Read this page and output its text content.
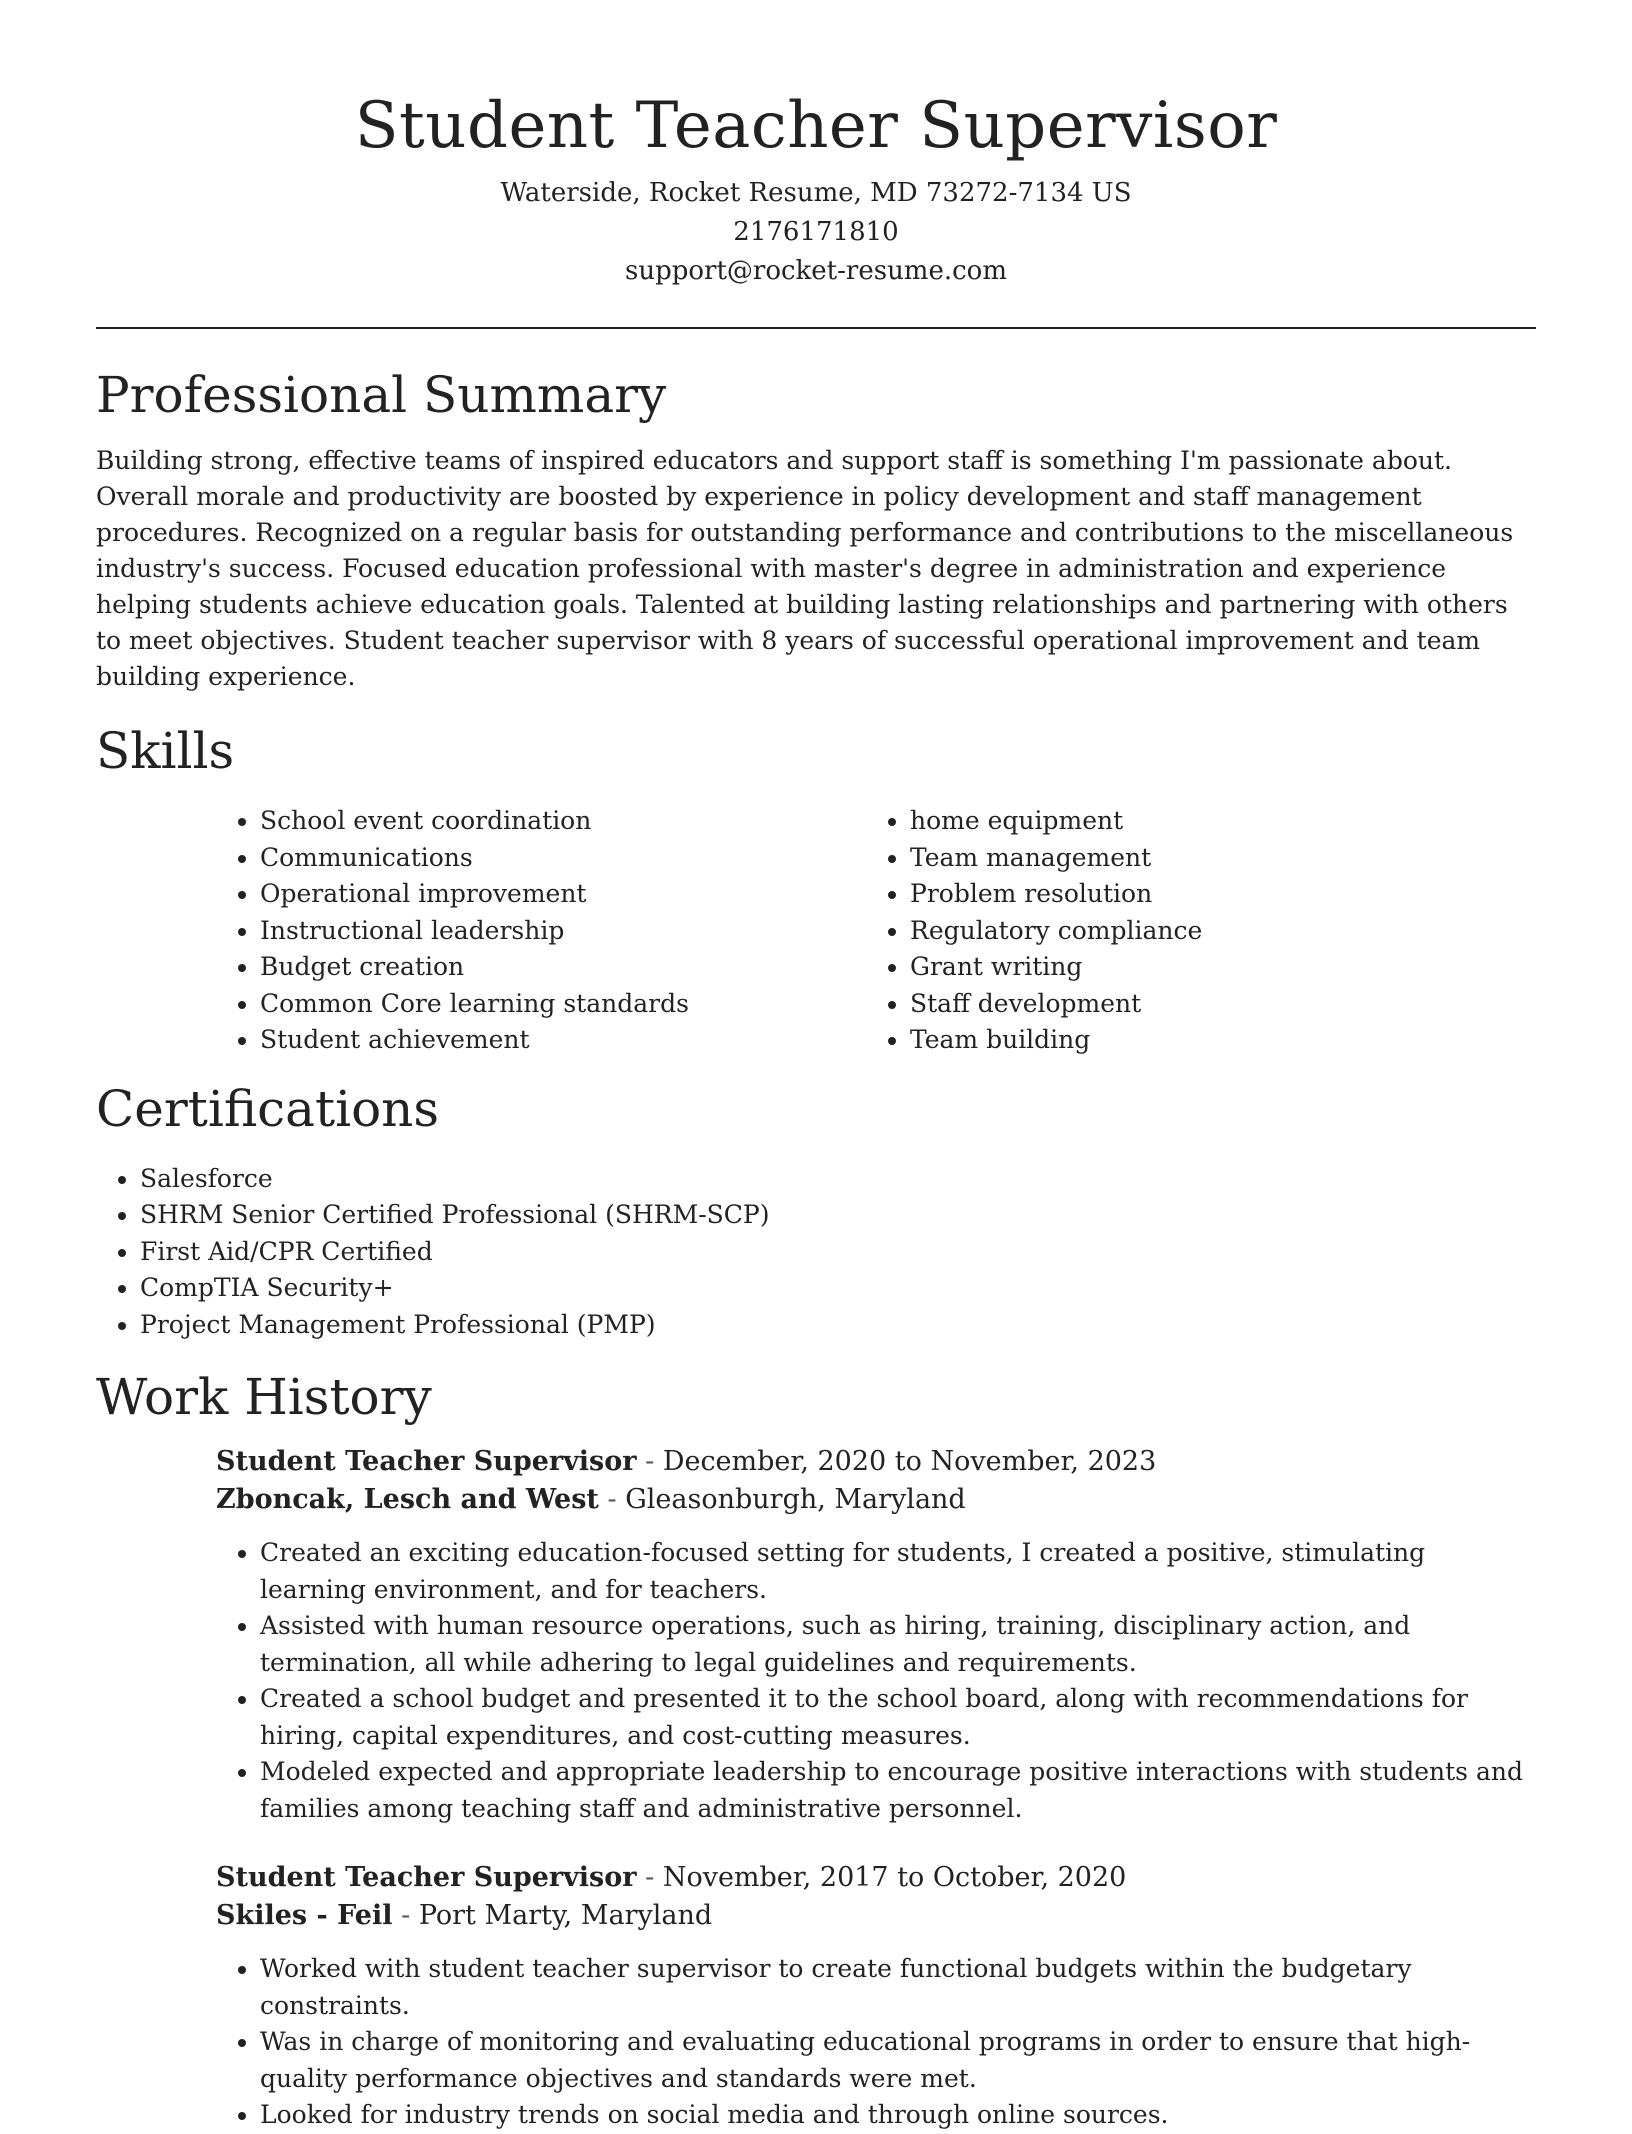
Student Teacher Supervisor
Waterside, Rocket Resume, MD 73272-7134 US
2176171810
support@rocket-resume.com
Professional Summary

Building strong, effective teams of inspired educators and support staff is something I'm passionate about. Overall morale and productivity are boosted by experience in policy development and staff management procedures. Recognized on a regular basis for outstanding performance and contributions to the miscellaneous industry's success. Focused education professional with master's degree in administration and experience helping students achieve education goals. Talented at building lasting relationships and partnering with others to meet objectives. Student teacher supervisor with 8 years of successful operational improvement and team building experience.

Skills
• School event coordination
• Communications
• Operational improvement
• Instructional leadership
• Budget creation
• Common Core learning standards
• Student achievement
• home equipment
• Team management
• Problem resolution
• Regulatory compliance
• Grant writing
• Staff development
• Team building
Certifications
• Salesforce
• SHRM Senior Certified Professional (SHRM-SCP)
• First Aid/CPR Certified
• CompTIA Security+
• Project Management Professional (PMP)
Work History
Student Teacher Supervisor - December, 2020 to November, 2023
Zboncak, Lesch and West - Gleasonburgh, Maryland
• Created an exciting education-focused setting for students, I created a positive, stimulating learning environment, and for teachers.
• Assisted with human resource operations, such as hiring, training, disciplinary action, and termination, all while adhering to legal guidelines and requirements.
• Created a school budget and presented it to the school board, along with recommendations for hiring, capital expenditures, and cost-cutting measures.
• Modeled expected and appropriate leadership to encourage positive interactions with students and families among teaching staff and administrative personnel.
Student Teacher Supervisor - November, 2017 to October, 2020
Skiles - Feil - Port Marty, Maryland
• Worked with student teacher supervisor to create functional budgets within the budgetary constraints.
• Was in charge of monitoring and evaluating educational programs in order to ensure that high-quality performance objectives and standards were met.
• Looked for industry trends on social media and through online sources.
